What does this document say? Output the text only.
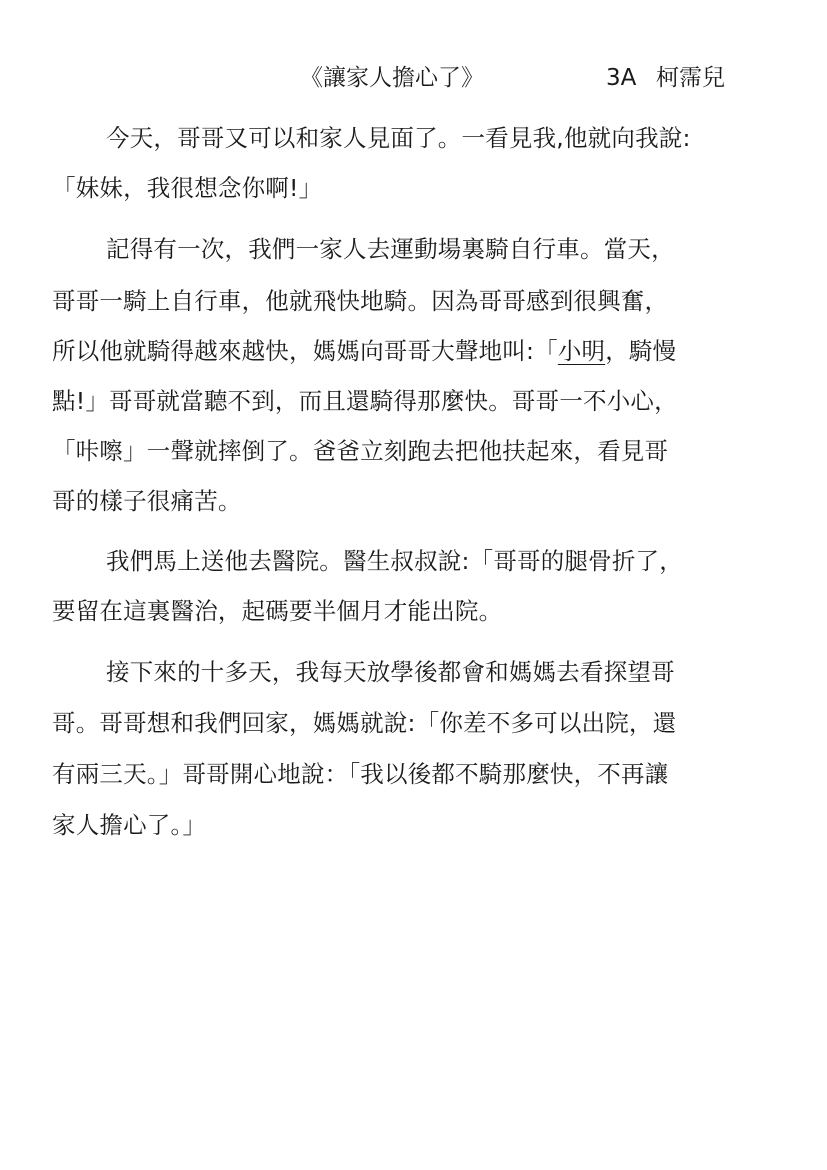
《讓家人擔心了》	3A 柯霈兒
今天，哥哥又可以和家人見面了。一看見我,他就向我說:
「妹妹，我很想念你啊!」
記得有一次，我們一家人去運動場裏騎自行車。當天，
哥哥一騎上自行車，他就飛快地騎。因為哥哥感到很興奮，
所以他就騎得越來越快，媽媽向哥哥大聲地叫:「小明，騎慢
點!」哥哥就當聽不到，而且還騎得那麼快。哥哥一不小心，
「咔嚓」一聲就摔倒了。爸爸立刻跑去把他扶起來，看見哥
哥的樣子很痛苦。
我們馬上送他去醫院。醫生叔叔說:「哥哥的腿骨折了，
要留在這裏醫治，起碼要半個月才能出院。
接下來的十多天，我每天放學後都會和媽媽去看探望哥
哥。哥哥想和我們回家，媽媽就說:「你差不多可以出院，還
有兩三天。」哥哥開心地說：「我以後都不騎那麼快，不再讓
家人擔心了。」
